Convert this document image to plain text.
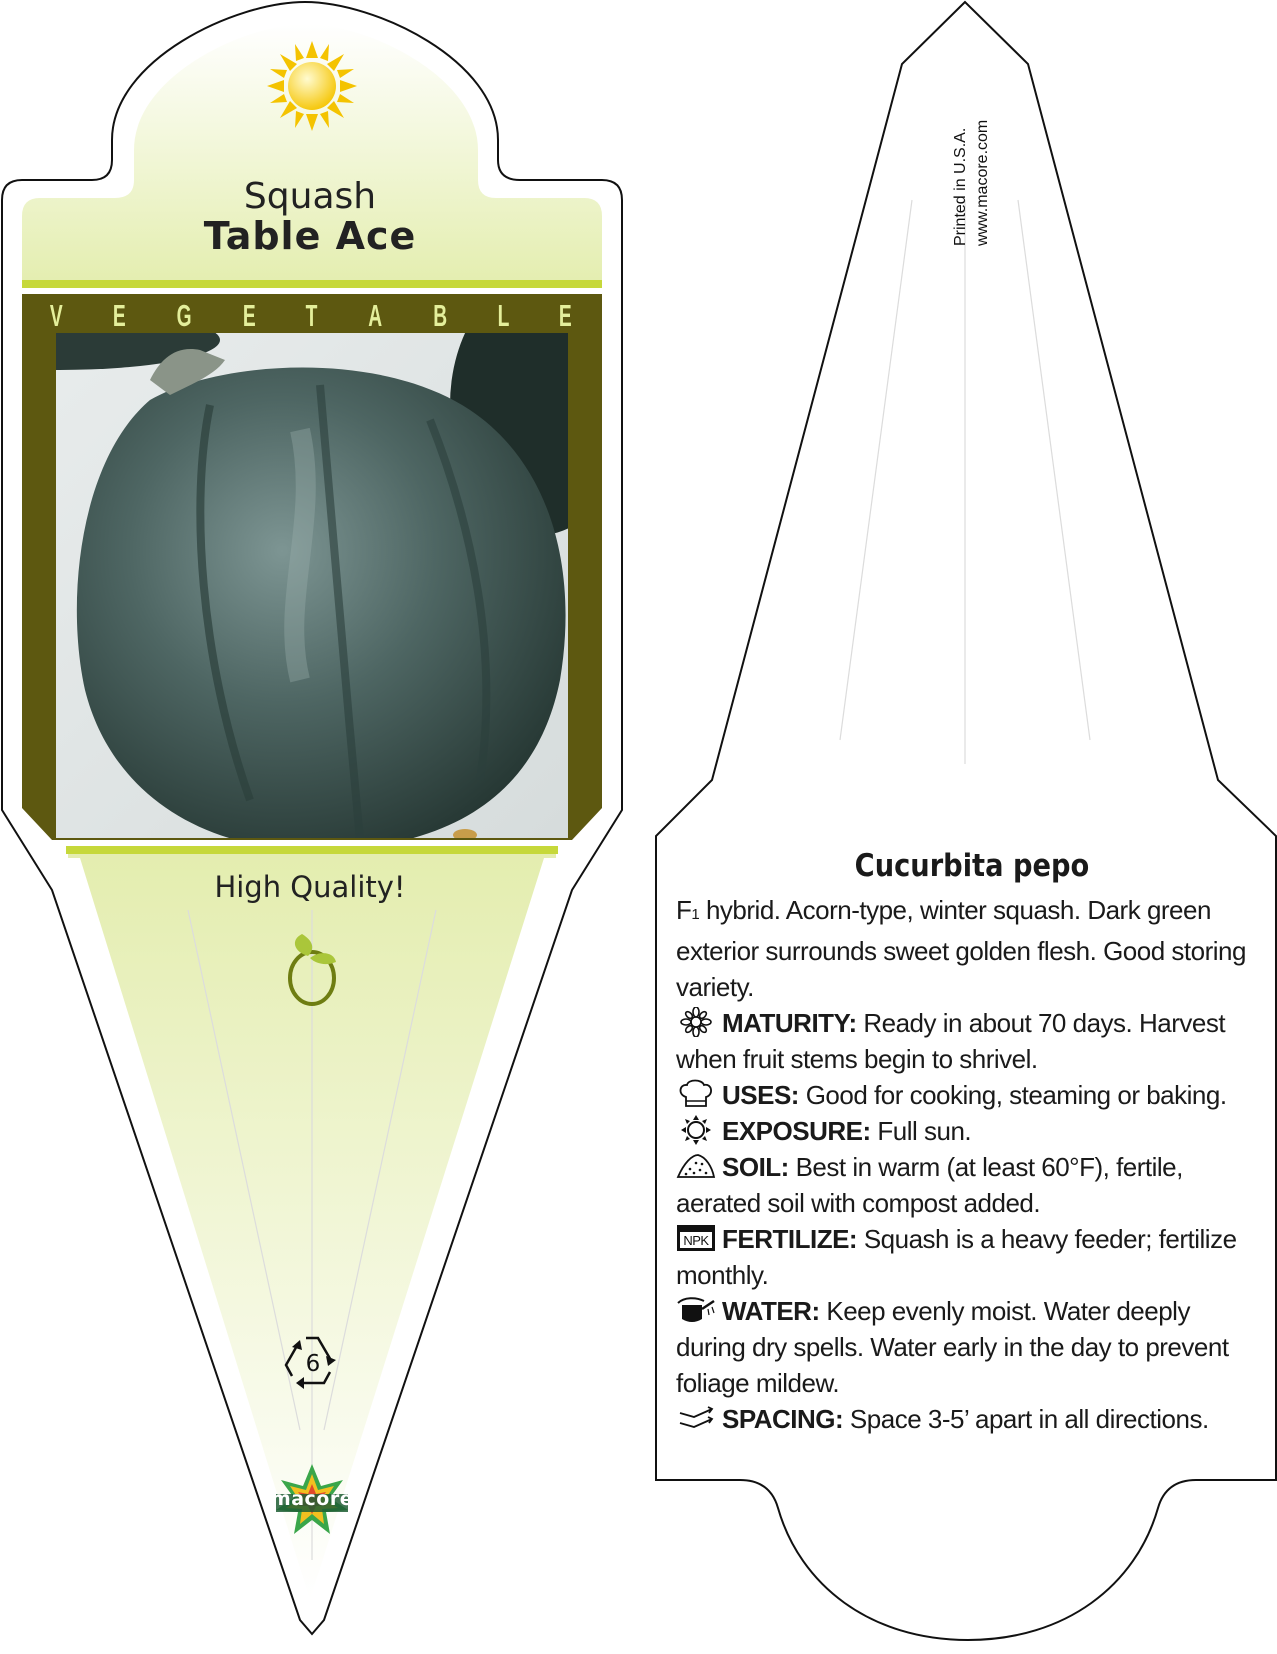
Squash
Table Ace
V E G E T A B L E
High Quality!
6
macore
Printed in U.S.A. www.macore.com
Cucurbita pepo

F1 hybrid. Acorn-type, winter squash. Dark green exterior surrounds sweet golden flesh. Good storing variety.

MATURITY: Ready in about 70 days. Harvest when fruit stems begin to shrivel.

USES: Good for cooking, steaming or baking.

EXPOSURE: Full sun.

SOIL: Best in warm (at least 60°F), fertile, aerated soil with compost added.

NPK FERTILIZE: Squash is a heavy feeder; fertilize monthly.

WATER: Keep evenly moist. Water deeply during dry spells. Water early in the day to prevent foliage mildew.

SPACING: Space 3-5’ apart in all directions.
